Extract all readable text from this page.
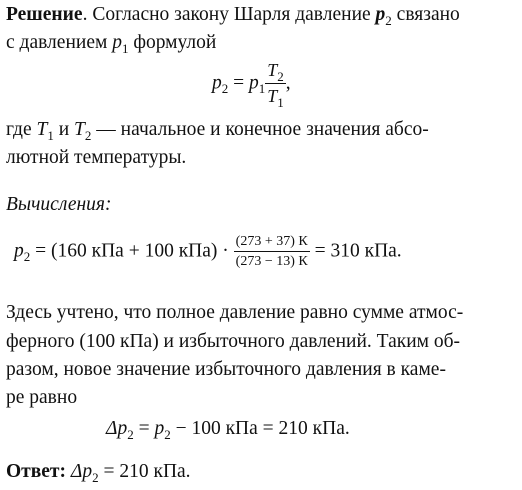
Решение. Согласно закону Шарля давление $p_2$ связано
с давлением $p_1$ формулой
$p_2 = p_1 \frac{T_2}{T_1}$ ,
где $T_1$ и $T_2$ — начальное и конечное значения абсо-
лютной температуры.
Вычисления:
$p_2 = (160$ кПа + 100 $кПа) \cdot \frac{(273 + 37) К}{(273 - 13) К} = 310$ кПа.
Здесь учтено, что полное давление равно сумме атмос-
ферного (100 кПа) и избыточного давлений. Таким об-
разом, новое значение избыточного давления в каме-
ре равно
$\Delta p_2 = p_2 - 100$ кПа = 210 кПа.
Ответ: $\Delta p_2 = 210$ кПа.
